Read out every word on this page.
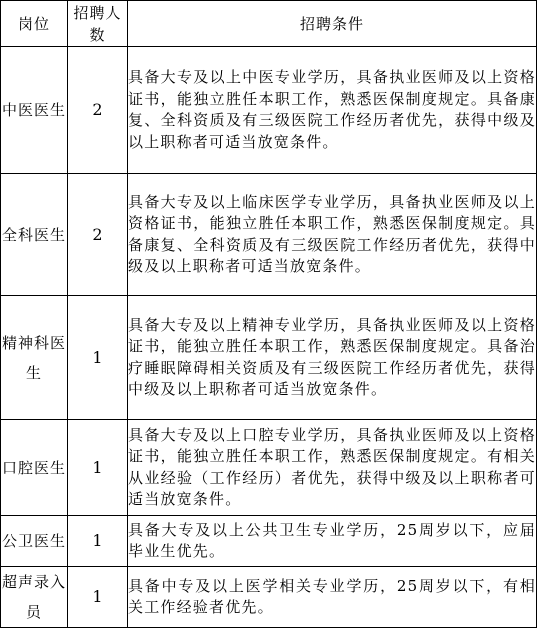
岗位	招聘人数	招聘条件
中医医生	2	具备大专及以上中医专业学历，具备执业医师及以上资格证书，能独立胜任本职工作，熟悉医保制度规定。具备康复、全科资质及有三级医院工作经历者优先，获得中级及以上职称者可适当放宽条件。
全科医生	2	具备大专及以上临床医学专业学历，具备执业医师及以上资格证书，能独立胜任本职工作，熟悉医保制度规定。具备康复、全科资质及有三级医院工作经历者优先，获得中级及以上职称者可适当放宽条件。
精神科医生	1	具备大专及以上精神专业学历，具备执业医师及以上资格证书，能独立胜任本职工作，熟悉医保制度规定。具备治疗睡眠障碍相关资质及有三级医院工作经历者优先，获得中级及以上职称者可适当放宽条件。
口腔医生	1	具备大专及以上口腔专业学历，具备执业医师及以上资格证书，能独立胜任本职工作，熟悉医保制度规定。有相关从业经验（工作经历）者优先，获得中级及以上职称者可适当放宽条件。
公卫医生	1	具备大专及以上公共卫生专业学历，25周岁以下，应届毕业生优先。
超声录入员	1	具备中专及以上医学相关专业学历，25周岁以下，有相关工作经验者优先。
